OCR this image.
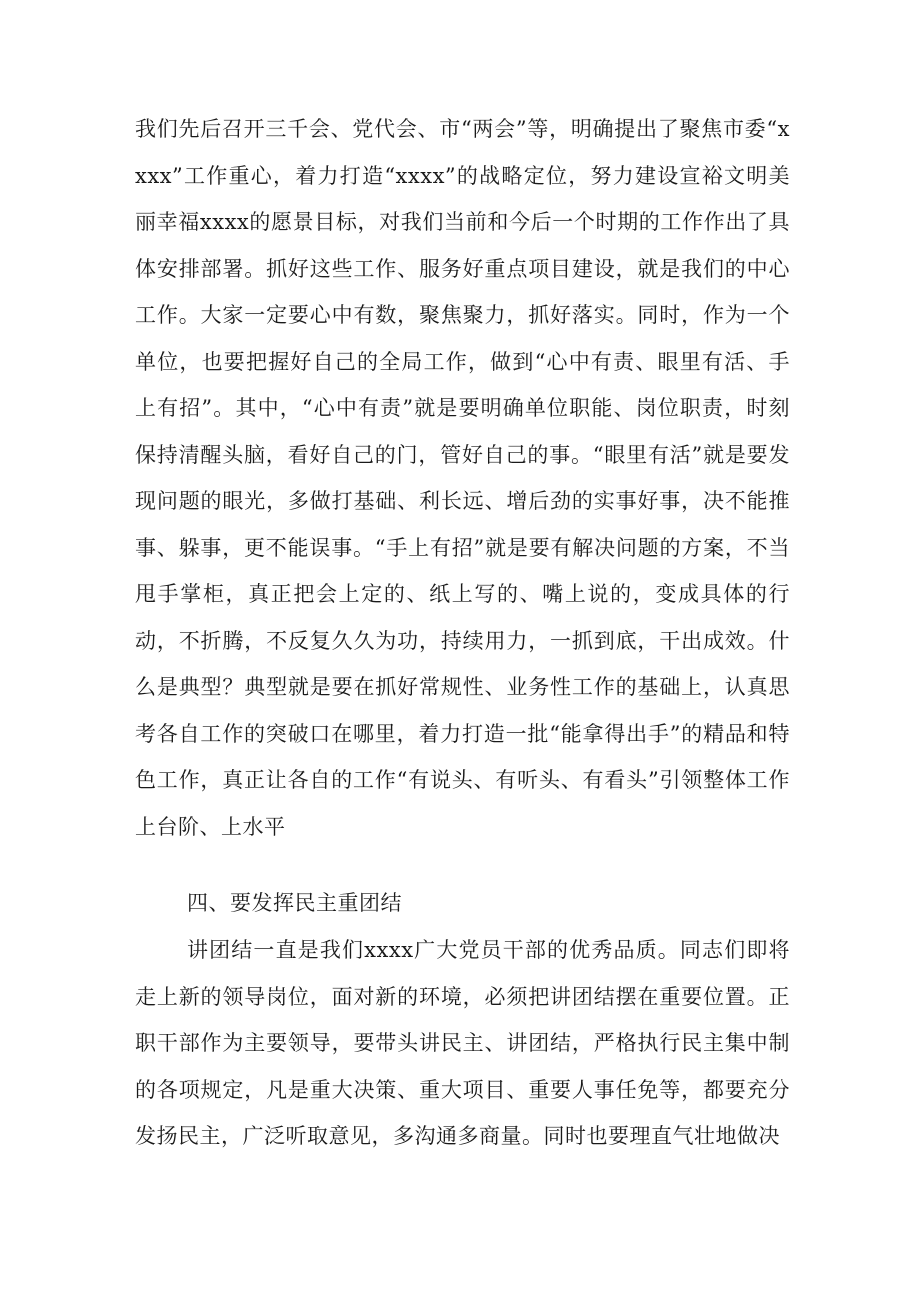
我们先后召开三千会、党代会、市“两会”等，明确提出了聚焦市委“xxxx”工作重心，着力打造“xxxx”的战略定位，努力建设宣裕文明美丽幸福xxxx的愿景目标，对我们当前和今后一个时期的工作作出了具体安排部署。抓好这些工作、服务好重点项目建设，就是我们的中心工作。大家一定要心中有数，聚焦聚力，抓好落实。同时，作为一个单位，也要把握好自己的全局工作，做到“心中有责、眼里有活、手上有招”。其中，“心中有责”就是要明确单位职能、岗位职责，时刻保持清醒头脑，看好自己的门，管好自己的事。“眼里有活”就是要发现问题的眼光，多做打基础、利长远、增后劲的实事好事，决不能推事、躲事，更不能误事。“手上有招”就是要有解决问题的方案，不当甩手掌柜，真正把会上定的、纸上写的、嘴上说的，变成具体的行动，不折腾，不反复久久为功，持续用力，一抓到底，干出成效。什么是典型？典型就是要在抓好常规性、业务性工作的基础上，认真思考各自工作的突破口在哪里，着力打造一批“能拿得出手”的精品和特色工作，真正让各自的工作“有说头、有听头、有看头”引领整体工作上台阶、上水平

四、要发挥民主重团结

讲团结一直是我们xxxx广大党员干部的优秀品质。同志们即将走上新的领导岗位，面对新的环境，必须把讲团结摆在重要位置。正职干部作为主要领导，要带头讲民主、讲团结，严格执行民主集中制的各项规定，凡是重大决策、重大项目、重要人事任免等，都要充分发扬民主，广泛听取意见，多沟通多商量。同时也要理直气壮地做决
